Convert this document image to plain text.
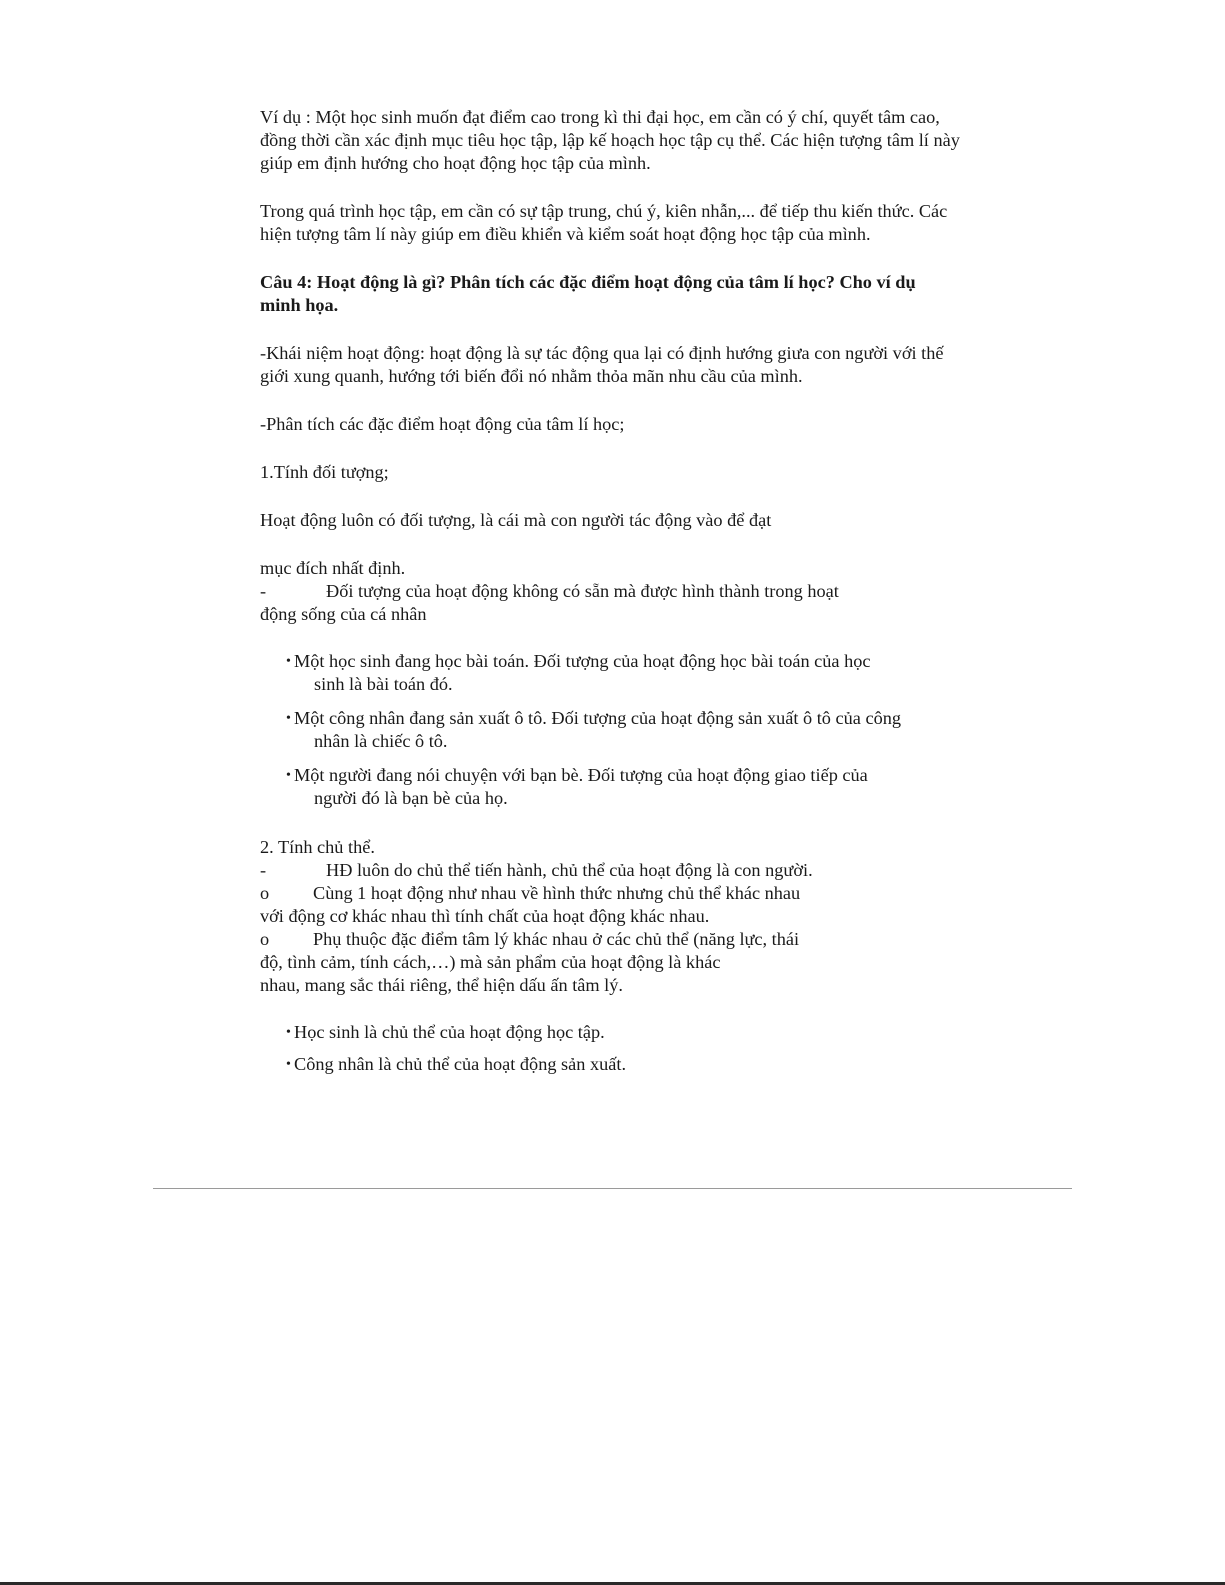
Ví dụ : Một học sinh muốn đạt điểm cao trong kì thi đại học, em cần có ý chí, quyết tâm cao, đồng thời cần xác định mục tiêu học tập, lập kế hoạch học tập cụ thể. Các hiện tượng tâm lí này giúp em định hướng cho hoạt động học tập của mình.

Trong quá trình học tập, em cần có sự tập trung, chú ý, kiên nhẫn,... để tiếp thu kiến thức. Các hiện tượng tâm lí này giúp em điều khiển và kiểm soát hoạt động học tập của mình.

Câu 4: Hoạt động là gì? Phân tích các đặc điểm hoạt động của tâm lí học? Cho ví dụ minh họa.

-Khái niệm hoạt động: hoạt động là sự tác động qua lại có định hướng giưa con người với thế giới xung quanh, hướng tới biến đổi nó nhằm thỏa mãn nhu cầu của mình.

-Phân tích các đặc điểm hoạt động của tâm lí học;

1.Tính đối tượng;

Hoạt động luôn có đối tượng, là cái mà con người tác động vào để đạt

mục đích nhất định.

-	Đối tượng của hoạt động không có sẵn mà được hình thành trong hoạt

động sống của cá nhân

• Một học sinh đang học bài toán. Đối tượng của hoạt động học bài toán của học
sinh là bài toán đó.
• Một công nhân đang sản xuất ô tô. Đối tượng của hoạt động sản xuất ô tô của công
nhân là chiếc ô tô.
• Một người đang nói chuyện với bạn bè. Đối tượng của hoạt động giao tiếp của
người đó là bạn bè của họ.

2. Tính chủ thể.

-	HĐ luôn do chủ thể tiến hành, chủ thể của hoạt động là con người.
o	Cùng 1 hoạt động như nhau về hình thức nhưng chủ thể khác nhau

với động cơ khác nhau thì tính chất của hoạt động khác nhau.

o	Phụ thuộc đặc điểm tâm lý khác nhau ở các chủ thể (năng lực, thái

độ, tình cảm, tính cách,…) mà sản phẩm của hoạt động là khác

nhau, mang sắc thái riêng, thể hiện dấu ấn tâm lý.

• Học sinh là chủ thể của hoạt động học tập.
• Công nhân là chủ thể của hoạt động sản xuất.
